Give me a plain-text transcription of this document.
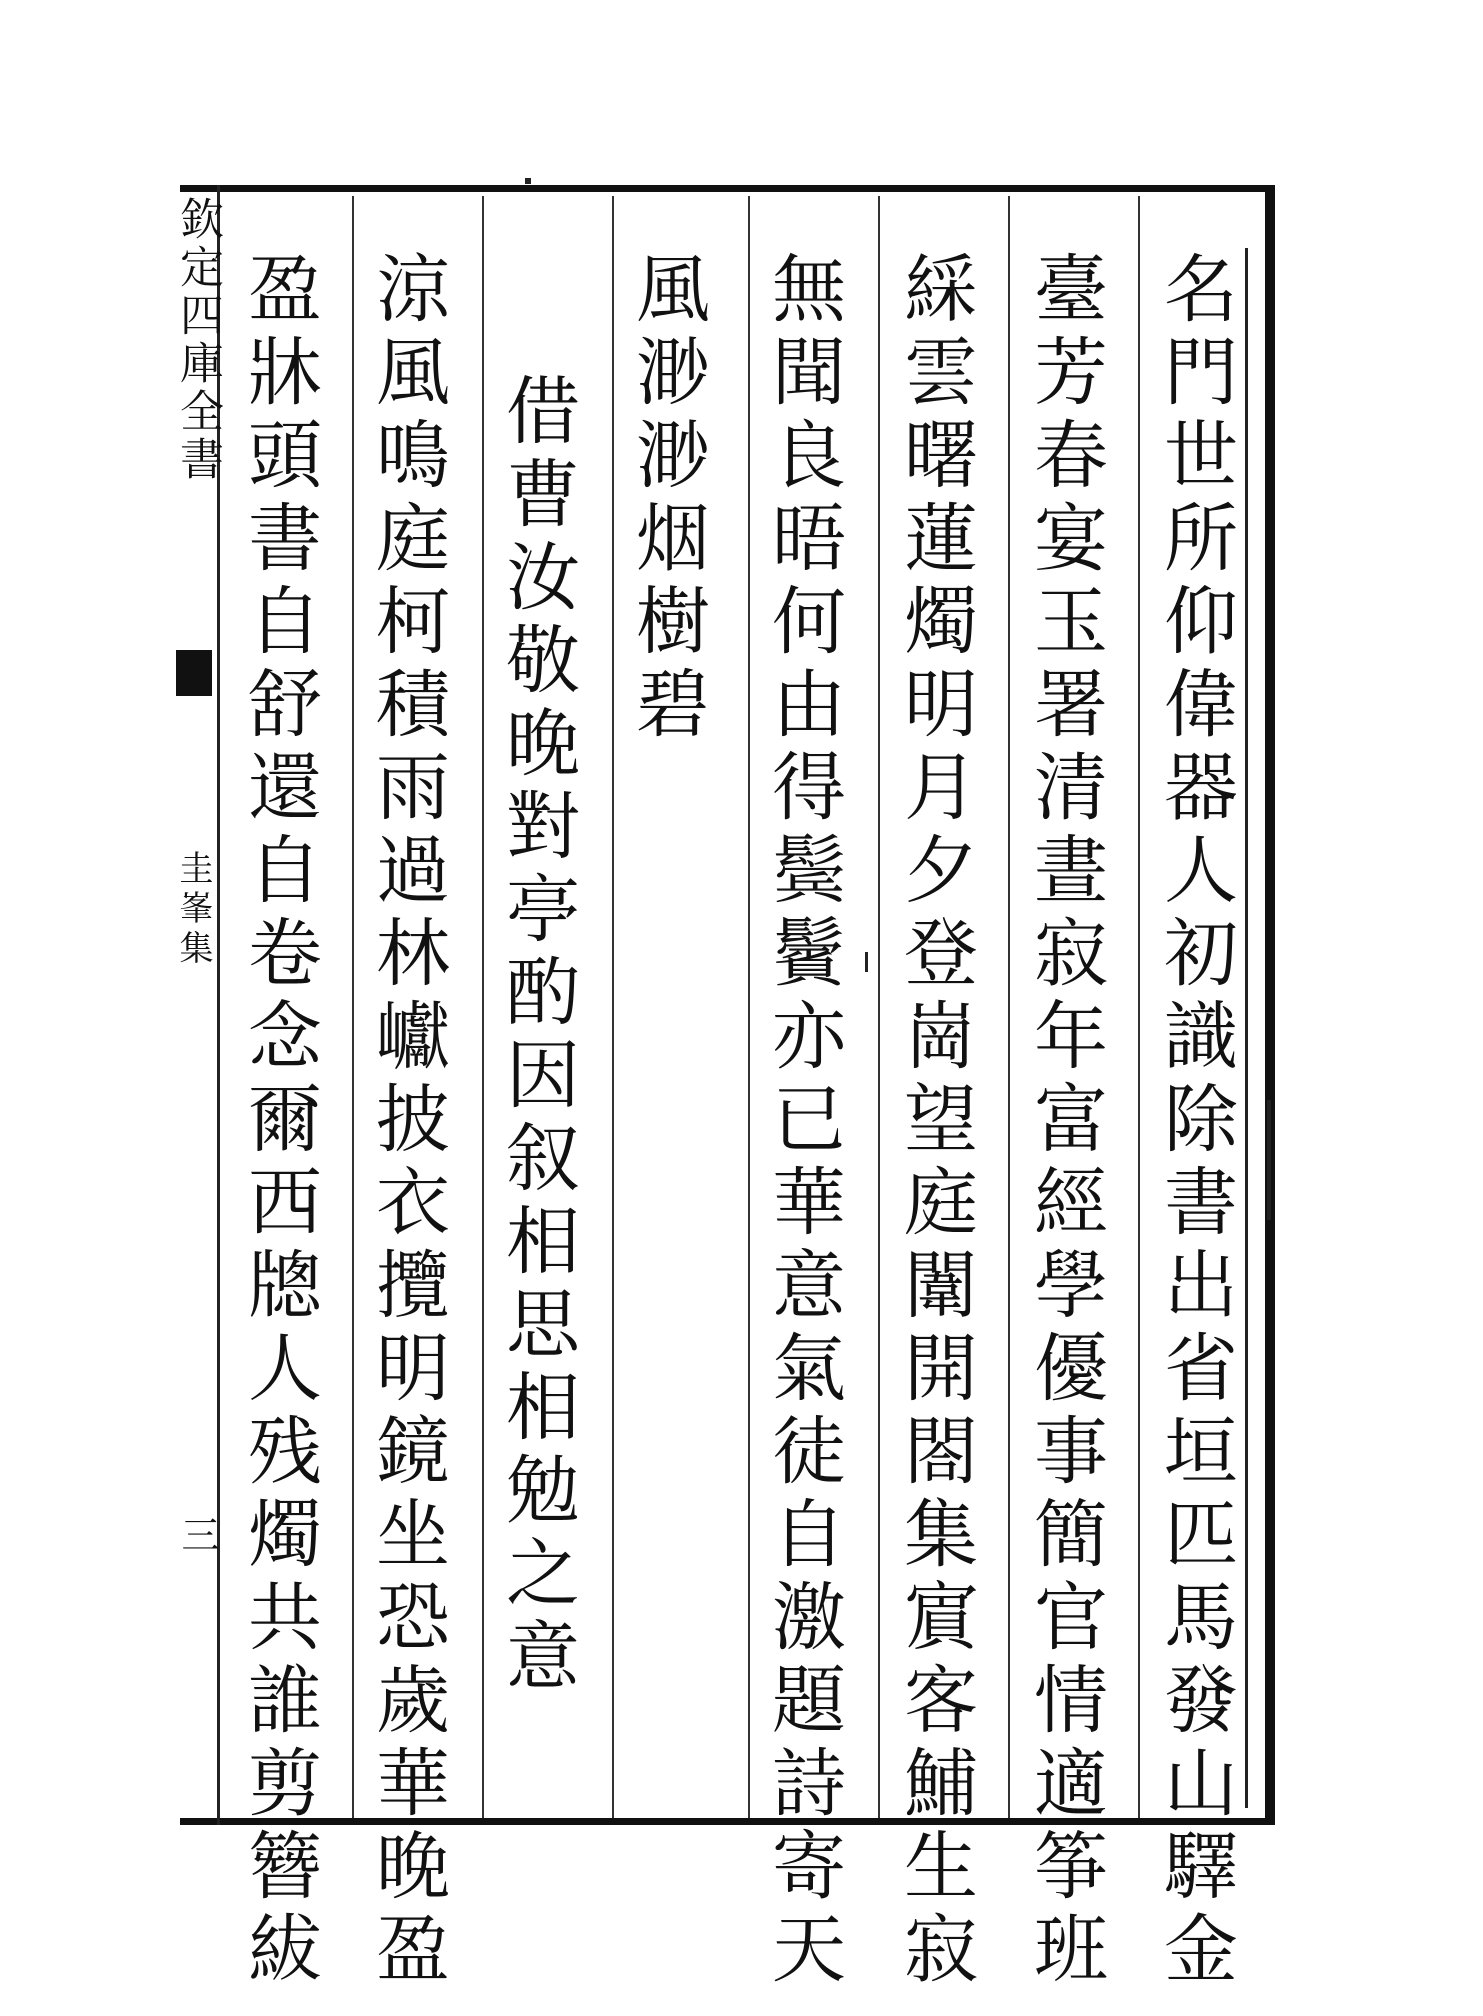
欽定四庫全書
圭峯集
三	名門世所仰偉器人初識除書出省垣匹馬發山驛金
臺芳春宴玉署清晝寂年富經學優事簡官情適筝班
綵雲曙蓮燭明月夕登崗望庭闈開閤集賔客鯆生寂
無聞良晤何由得鬓鬢亦已華意氣徒自激題詩寄天
風渺渺烟樹碧
借曹汝敬晚對亭酌因叙相思相勉之意
涼風鳴庭柯積雨過林巘披衣攬明鏡坐恐歲華晚盈
盈牀頭書自舒還自卷念爾西牕人残燭共誰剪簪紱
